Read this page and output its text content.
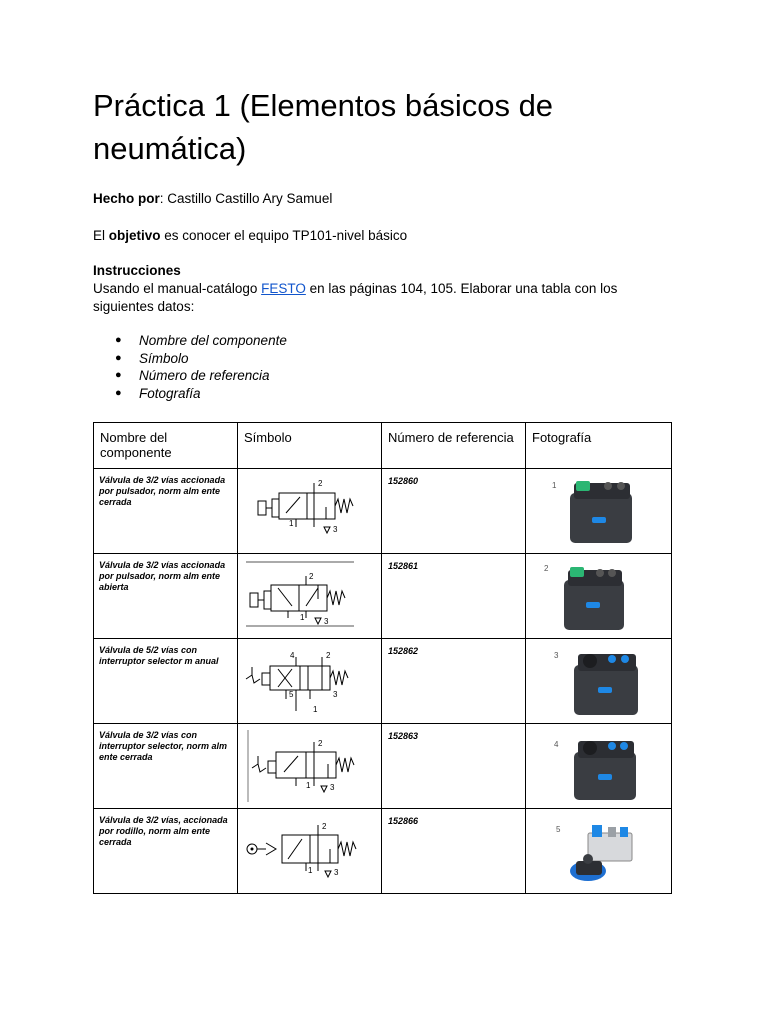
Práctica 1 (Elementos básicos de neumática)
Hecho por: Castillo Castillo Ary Samuel
El objetivo es conocer el equipo TP101-nivel básico
Instrucciones
Usando el manual-catálogo FESTO en las páginas 104, 105. Elaborar una tabla con los siguientes datos:
● Nombre del componente
● Símbolo
● Número de referencia
● Fotografía
Nombre del componente	Símbolo	Número de referencia	Fotografía
Válvula de 3/2 vías accionada por pulsador, norm alm ente cerrada	2
1
3	152860	1

Válvula de 3/2 vías accionada por pulsador, norm alm ente abierta	2
1 3	152861	2

Válvula de 5/2 vías con interruptor selector m anual	4 2
5
1
3	152862	3

Válvula de 3/2 vías con interruptor selector, norm alm ente cerrada	2
1 3	152863	4

Válvula de 3/2 vías, accionada por rodillo, norm alm ente cerrada	2
1 3	152866	5
